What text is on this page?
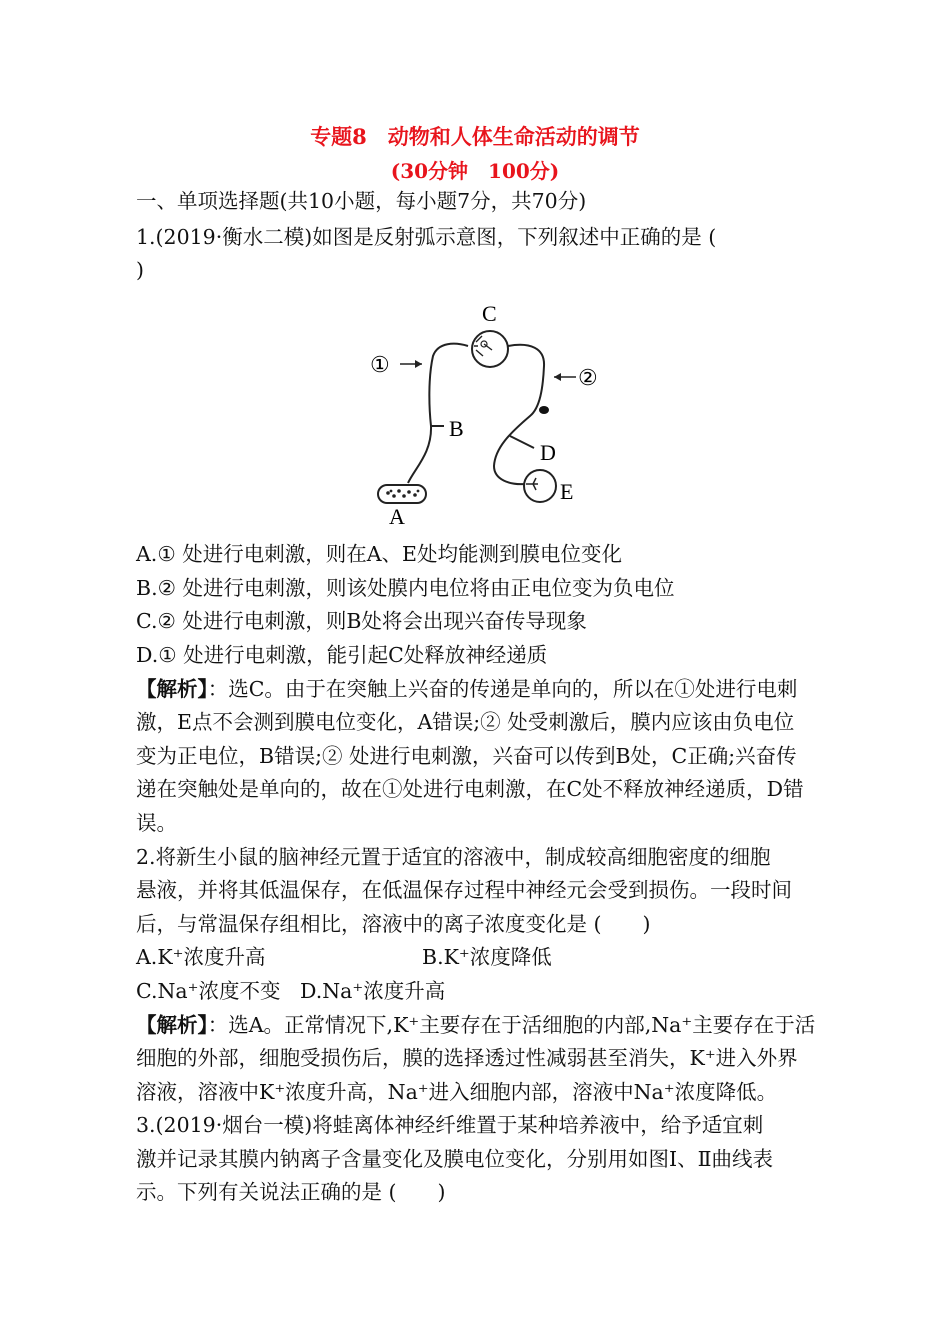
专题8　动物和人体生命活动的调节
(30分钟　100分)
一、单项选择题(共10小题，每小题7分，共70分)
1.(2019·衡水二模)如图是反射弧示意图，下列叙述中正确的是 (
)
①
②
C
B
D
E
A
A.① 处进行电刺激，则在A、E处均能测到膜电位变化
B.② 处进行电刺激，则该处膜内电位将由正电位变为负电位
C.② 处进行电刺激，则B处将会出现兴奋传导现象
D.① 处进行电刺激，能引起C处释放神经递质
【解析】：选C。由于在突触上兴奋的传递是单向的，所以在①处进行电刺
激，E点不会测到膜电位变化，A错误;② 处受刺激后，膜内应该由负电位
变为正电位，B错误;② 处进行电刺激，兴奋可以传到B处，C正确;兴奋传
递在突触处是单向的，故在①处进行电刺激，在C处不释放神经递质，D错
误。
2.将新生小鼠的脑神经元置于适宜的溶液中，制成较高细胞密度的细胞
悬液，并将其低温保存，在低温保存过程中神经元会受到损伤。一段时间
后，与常温保存组相比，溶液中的离子浓度变化是 (　　)
A.K⁺浓度升高	B.K⁺浓度降低
C.Na⁺浓度不变 D.Na⁺浓度升高
【解析】：选A。正常情况下,K⁺主要存在于活细胞的内部,Na⁺主要存在于活
细胞的外部，细胞受损伤后，膜的选择透过性减弱甚至消失，K⁺进入外界
溶液，溶液中K⁺浓度升高，Na⁺进入细胞内部，溶液中Na⁺浓度降低。
3.(2019·烟台一模)将蛙离体神经纤维置于某种培养液中，给予适宜刺
激并记录其膜内钠离子含量变化及膜电位变化，分别用如图Ⅰ、Ⅱ曲线表
示。下列有关说法正确的是 (　　)
